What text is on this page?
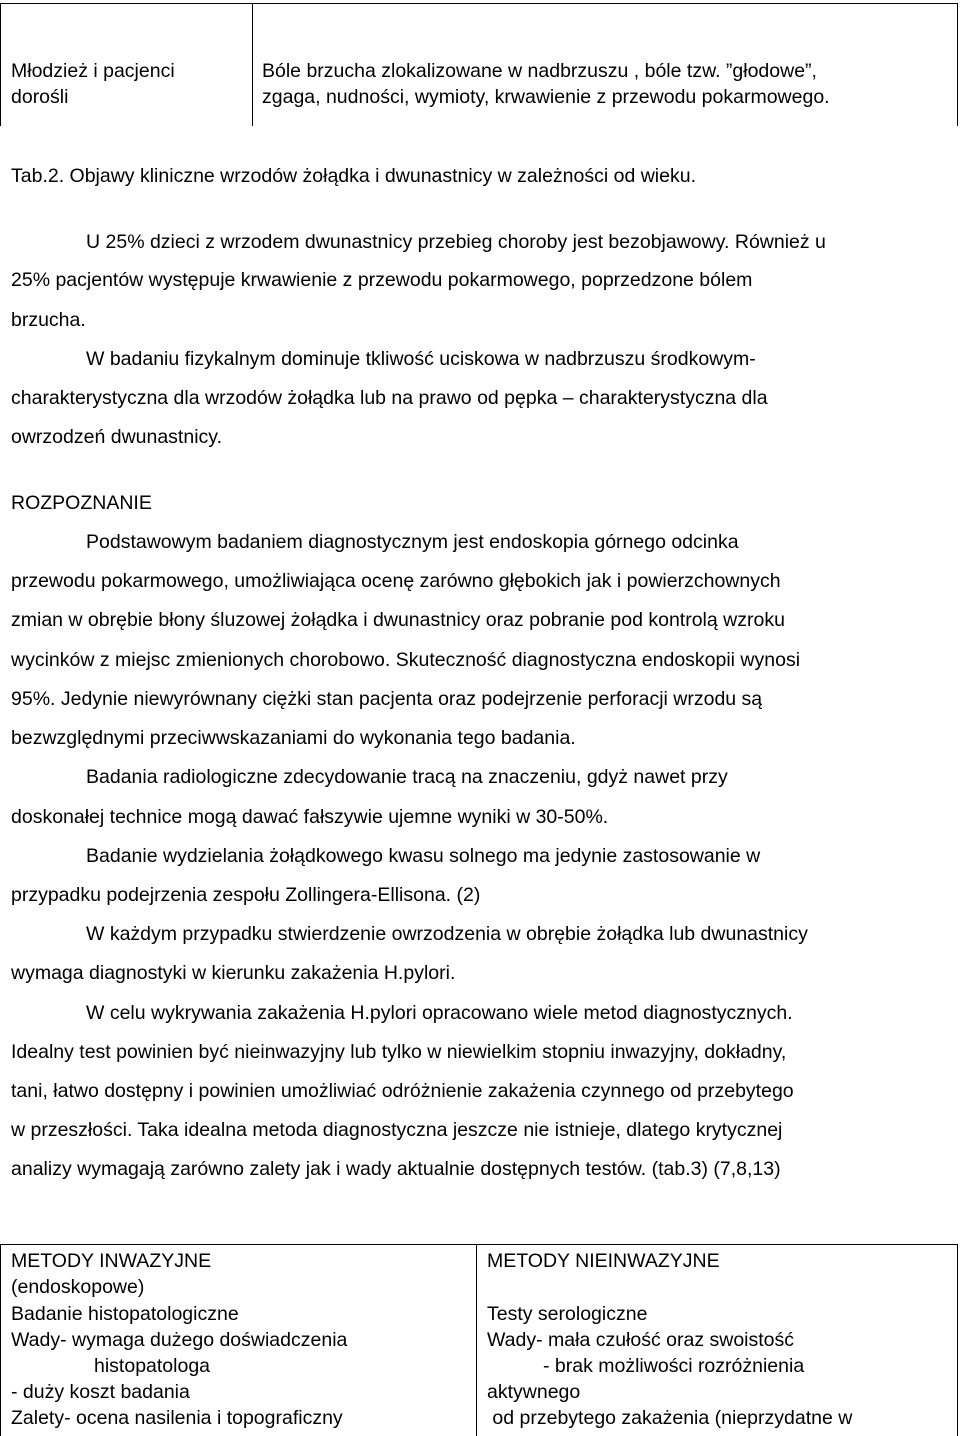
Młodzież i pacjenci
dorośli
Bóle brzucha zlokalizowane w nadbrzuszu , bóle tzw. ”głodowe”,
zgaga, nudności, wymioty, krwawienie z przewodu pokarmowego.
Tab.2. Objawy kliniczne wrzodów żołądka i dwunastnicy w zależności od wieku.
U 25% dzieci z wrzodem dwunastnicy przebieg choroby jest bezobjawowy. Również u
25% pacjentów występuje krwawienie z przewodu pokarmowego, poprzedzone bólem
brzucha.
W badaniu fizykalnym dominuje tkliwość uciskowa w nadbrzuszu środkowym-
charakterystyczna dla wrzodów żołądka lub na prawo od pępka – charakterystyczna dla
owrzodzeń dwunastnicy.
ROZPOZNANIE
Podstawowym badaniem diagnostycznym jest endoskopia górnego odcinka
przewodu pokarmowego, umożliwiająca ocenę zarówno głębokich jak i powierzchownych
zmian w obrębie błony śluzowej żołądka i dwunastnicy oraz pobranie pod kontrolą wzroku
wycinków z miejsc zmienionych chorobowo. Skuteczność diagnostyczna endoskopii wynosi
95%. Jedynie niewyrównany ciężki stan pacjenta oraz podejrzenie perforacji wrzodu są
bezwzględnymi przeciwwskazaniami do wykonania tego badania.
Badania radiologiczne zdecydowanie tracą na znaczeniu, gdyż nawet przy
doskonałej technice mogą dawać fałszywie ujemne wyniki w 30-50%.
Badanie wydzielania żołądkowego kwasu solnego ma jedynie zastosowanie w
przypadku podejrzenia zespołu Zollingera-Ellisona. (2)
W każdym przypadku stwierdzenie owrzodzenia w obrębie żołądka lub dwunastnicy
wymaga diagnostyki w kierunku zakażenia H.pylori.
W celu wykrywania zakażenia H.pylori opracowano wiele metod diagnostycznych.
Idealny test powinien być nieinwazyjny lub tylko w niewielkim stopniu inwazyjny, dokładny,
tani, łatwo dostępny i powinien umożliwiać odróżnienie zakażenia czynnego od przebytego
w przeszłości. Taka idealna metoda diagnostyczna jeszcze nie istnieje, dlatego krytycznej
analizy wymagają zarówno zalety jak i wady aktualnie dostępnych testów. (tab.3) (7,8,13)
METODY INWAZYJNE
(endoskopowe)
Badanie histopatologiczne
Wady- wymaga dużego doświadczenia
histopatologa
- duży koszt badania
Zalety- ocena nasilenia i topograficzny
METODY NIEINWAZYJNE
Testy serologiczne
Wady- mała czułość oraz swoistość
- brak możliwości rozróżnienia
aktywnego
od przebytego zakażenia (nieprzydatne w
